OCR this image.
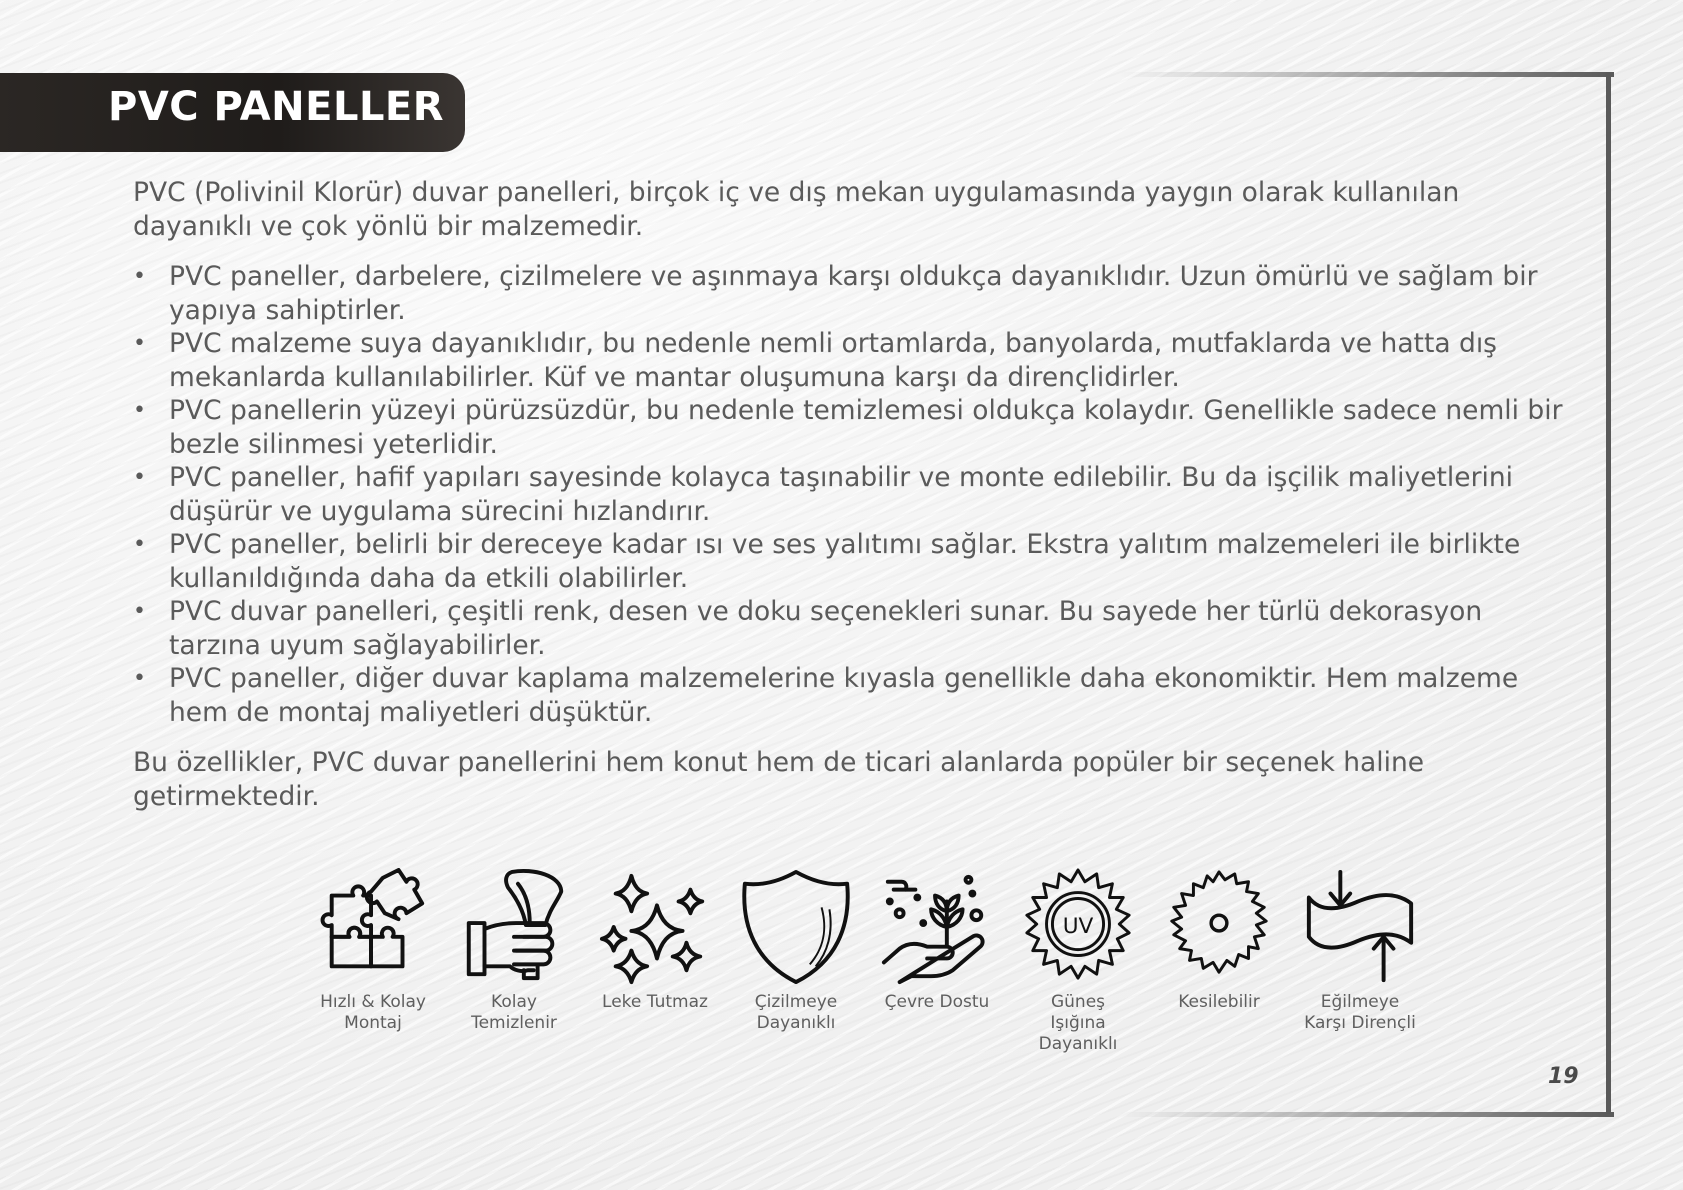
PVC PANELLER

PVC (Polivinil Klorür) duvar panelleri, birçok iç ve dış mekan uygulamasında yaygın olarak kullanılan dayanıklı ve çok yönlü bir malzemedir.

• PVC paneller, darbelere, çizilmelere ve aşınmaya karşı oldukça dayanıklıdır. Uzun ömürlü ve sağlam bir yapıya sahiptirler.
• PVC malzeme suya dayanıklıdır, bu nedenle nemli ortamlarda, banyolarda, mutfaklarda ve hatta dış mekanlarda kullanılabilirler. Küf ve mantar oluşumuna karşı da dirençlidirler.
• PVC panellerin yüzeyi pürüzsüzdür, bu nedenle temizlemesi oldukça kolaydır. Genellikle sadece nemli bir bezle silinmesi yeterlidir.
• PVC paneller, hafif yapıları sayesinde kolayca taşınabilir ve monte edilebilir. Bu da işçilik maliyetlerini düşürür ve uygulama sürecini hızlandırır.
• PVC paneller, belirli bir dereceye kadar ısı ve ses yalıtımı sağlar. Ekstra yalıtım malzemeleri ile birlikte kullanıldığında daha da etkili olabilirler.
• PVC duvar panelleri, çeşitli renk, desen ve doku seçenekleri sunar. Bu sayede her türlü dekorasyon tarzına uyum sağlayabilirler.
• PVC paneller, diğer duvar kaplama malzemelerine kıyasla genellikle daha ekonomiktir. Hem malzeme hem de montaj maliyetleri düşüktür.

Bu özellikler, PVC duvar panellerini hem konut hem de ticari alanlarda popüler bir seçenek haline getirmektedir.

Hızlı & Kolay
Montaj
Kolay
Temizlenir
Leke Tutmaz	Çizilmeye
Dayanıklı
Çevre Dostu
UV
Güneş
Işığına
Dayanıklı
Kesilebilir	Eğilmeye
Karşı Dirençli
19
